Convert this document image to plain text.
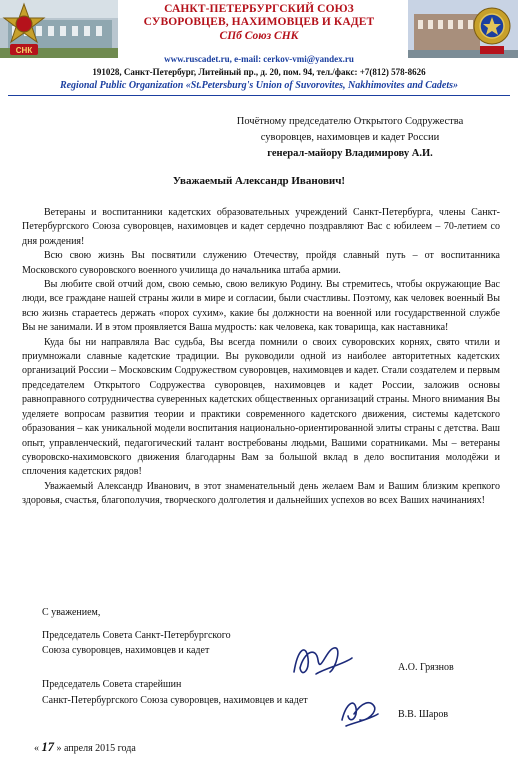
СНК
САНКТ-ПЕТЕРБУРГСКИЙ СОЮЗ
СУВОРОВЦЕВ, НАХИМОВЦЕВ И КАДЕТ
СПб Союз СНК
www.ruscadet.ru, e-mail: cerkov-vmi@yandex.ru
191028, Санкт-Петербург, Литейный пр., д. 20, пом. 94, тел./факс: +7(812) 578-8626
Regional Public Organization «St.Petersburg's Union of Suvorovites, Nakhimovites and Cadets»
Почётному председателю Открытого Содружества
суворовцев, нахимовцев и кадет России
генерал-майору Владимирову А.И.
Уважаемый Александр Иванович!

Ветераны и воспитанники кадетских образовательных учреждений Санкт-Петербурга, члены Санкт-Петербургского Союза суворовцев, нахимовцев и кадет сердечно поздравляют Вас с юбилеем – 70-летием со дня рождения!

Всю свою жизнь Вы посвятили служению Отечеству, пройдя славный путь – от воспитанника Московского суворовского военного училища до начальника штаба армии.

Вы любите свой отчий дом, свою семью, свою великую Родину. Вы стремитесь, чтобы окружающие Вас люди, все граждане нашей страны жили в мире и согласии, были счастливы. Поэтому, как человек военный Вы всю жизнь стараетесь держать «порох сухим», какие бы должности на военной или государственной службе Вы не занимали. И в этом проявляется Ваша мудрость: как человека, как товарища, как наставника!

Куда бы ни направляла Вас судьба, Вы всегда помнили о своих суворовских корнях, свято чтили и приумножали славные кадетские традиции. Вы руководили одной из наиболее авторитетных кадетских организаций России – Московским Содружеством суворовцев, нахимовцев и кадет. Стали создателем и первым председателем Открытого Содружества суворовцев, нахимовцев и кадет России, заложив основы равноправного сотрудничества суверенных кадетских общественных организаций страны. Много внимания Вы уделяете вопросам развития теории и практики современного кадетского движения, системы кадетского образования – как уникальной модели воспитания национально-ориентированной элиты страны с детства. Ваш опыт, управленческий, педагогический талант востребованы людьми, Вашими соратниками. Мы – ветераны суворовско-нахимовского движения благодарны Вам за большой вклад в дело воспитания молодёжи и сплочения кадетских рядов!

Уважаемый Александр Иванович, в этот знаменательный день желаем Вам и Вашим близким крепкого здоровья, счастья, благополучия, творческого долголетия и дальнейших успехов во всех Ваших начинаниях!

С уважением,
Председатель Совета Санкт-Петербургского
Союза суворовцев, нахимовцев и кадет
А.О. Грязнов
Председатель Совета старейшин
Санкт-Петербургского Союза суворовцев, нахимовцев и кадет
В.В. Шаров
« 17 » апреля 2015 года
